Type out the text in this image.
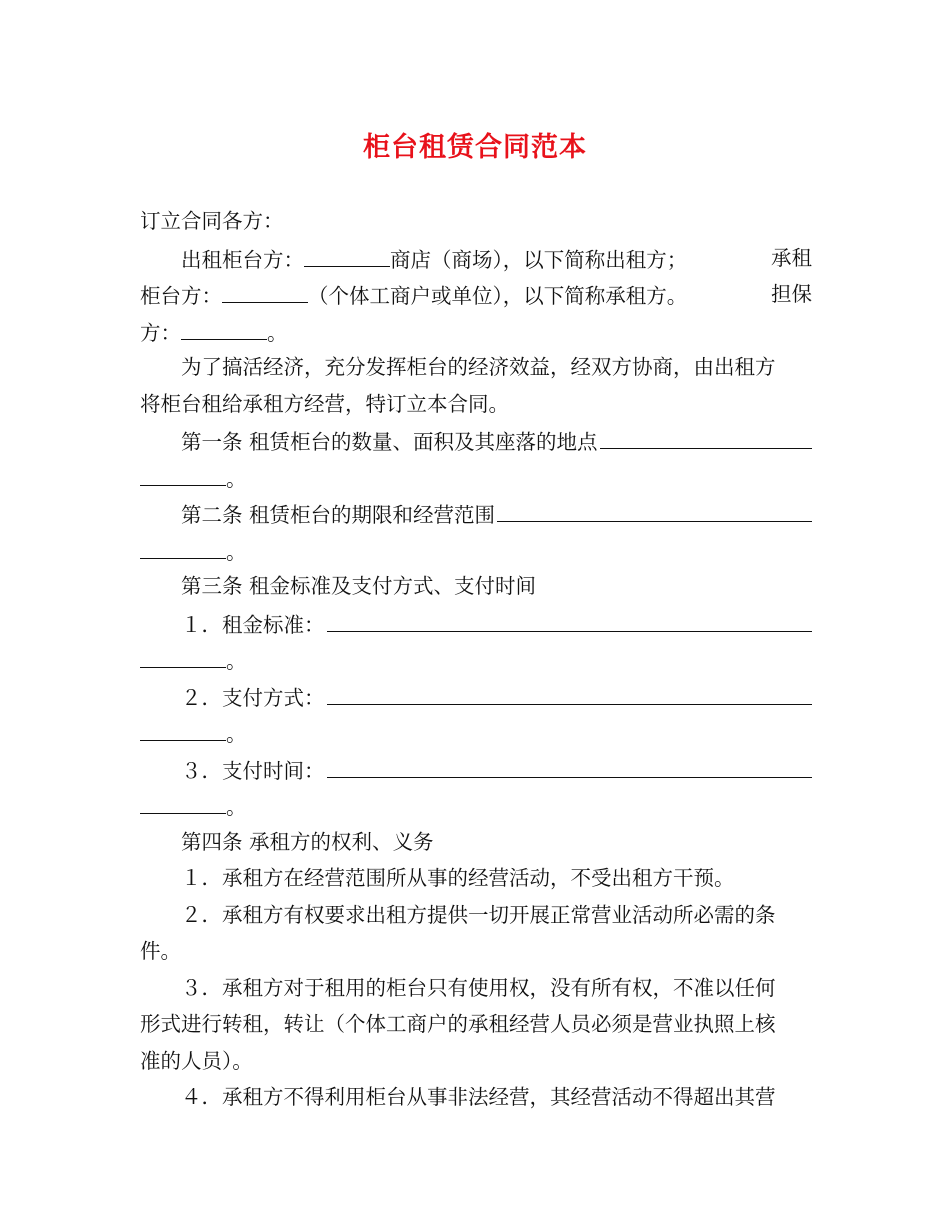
柜台租赁合同范本
订立合同各方：
出租柜台方：	商店（商场），以下简称出租方；	承租
柜台方：	（个体工商户或单位），以下简称承租方。	担保
方：	。
为了搞活经济，充分发挥柜台的经济效益，经双方协商，由出租方
将柜台租给承租方经营，特订立本合同。
第一条 租赁柜台的数量、面积及其座落的地点
。
第二条 租赁柜台的期限和经营范围
。
第三条 租金标准及支付方式、支付时间
１．租金标准：
。
２．支付方式：
。
３．支付时间：
。
第四条 承租方的权利、义务
１．承租方在经营范围所从事的经营活动，不受出租方干预。
２．承租方有权要求出租方提供一切开展正常营业活动所必需的条
件。
３．承租方对于租用的柜台只有使用权，没有所有权，不准以任何
形式进行转租，转让（个体工商户的承租经营人员必须是营业执照上核
准的人员）。
４．承租方不得利用柜台从事非法经营，其经营活动不得超出其营
